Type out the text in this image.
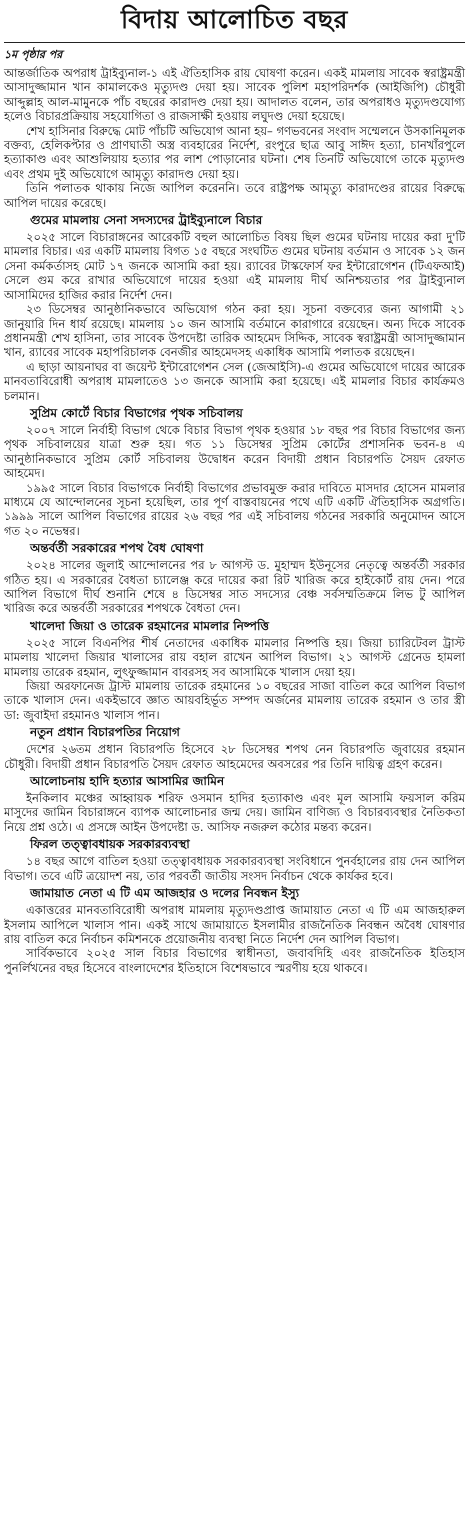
বিদায় আলোচিত বছর
১ম পৃষ্ঠার পর

আন্তর্জাতিক অপরাধ ট্রাইব্যুনাল-১ এই ঐতিহাসিক রায় ঘোষণা করেন। একই মামলায় সাবেক স্বরাষ্ট্রমন্ত্রী আসাদুজ্জামান খান কামালকেও মৃত্যুদণ্ড দেয়া হয়। সাবেক পুলিশ মহাপরিদর্শক (আইজিপি) চৌধুরী আব্দুল্লাহ আল-মামুনকে পাঁচ বছরের কারাদণ্ড দেয়া হয়। আদালত বলেন, তার অপরাধও মৃত্যুদণ্ডযোগ্য হলেও বিচারপ্রক্রিয়ায় সহযোগিতা ও রাজসাক্ষী হওয়ায় লঘুদণ্ড দেয়া হয়েছে।

শেখ হাসিনার বিরুদ্ধে মোট পাঁচটি অভিযোগ আনা হয়– গণভবনের সংবাদ সম্মেলনে উসকানিমূলক বক্তব্য, হেলিকপ্টার ও প্রাণঘাতী অস্ত্র ব্যবহারের নির্দেশ, রংপুরে ছাত্র আবু সাঈদ হত্যা, চানখাঁরপুলে হত্যাকাণ্ড এবং আশুলিয়ায় হত্যার পর লাশ পোড়ানোর ঘটনা। শেষ তিনটি অভিযোগে তাকে মৃত্যুদণ্ড এবং প্রথম দুই অভিযোগে আমৃত্যু কারাদণ্ড দেয়া হয়।

তিনি পলাতক থাকায় নিজে আপিল করেননি। তবে রাষ্ট্রপক্ষ আমৃত্যু কারাদণ্ডের রায়ের বিরুদ্ধে আপিল দায়ের করেছে।

গুমের মামলায় সেনা সদস্যদের ট্রাইব্যুনালে বিচার

২০২৫ সালে বিচারাঙ্গনের আরেকটি বহুল আলোচিত বিষয় ছিল গুমের ঘটনায় দায়ের করা দু'টি মামলার বিচার। এর একটি মামলায় বিগত ১৫ বছরে সংঘটিত গুমের ঘটনায় বর্তমান ও সাবেক ১২ জন সেনা কর্মকর্তাসহ মোট ১৭ জনকে আসামি করা হয়। র‍্যাবের টাস্কফোর্স ফর ইন্টারোগেশন (টিএফআই) সেলে গুম করে রাখার অভিযোগে দায়ের হওয়া এই মামলায় দীর্ঘ অনিশ্চয়তার পর ট্রাইব্যুনাল আসামিদের হাজির করার নির্দেশ দেন।

২৩ ডিসেম্বর আনুষ্ঠানিকভাবে অভিযোগ গঠন করা হয়। সূচনা বক্তব্যের জন্য আগামী ২১ জানুয়ারি দিন ধার্য রয়েছে। মামলায় ১০ জন আসামি বর্তমানে কারাগারে রয়েছেন। অন্য দিকে সাবেক প্রধানমন্ত্রী শেখ হাসিনা, তার সাবেক উপদেষ্টা তারিক আহমেদ সিদ্দিক, সাবেক স্বরাষ্ট্রমন্ত্রী আসাদুজ্জামান খান, র‍্যাবের সাবেক মহাপরিচালক বেনজীর আহমেদসহ একাধিক আসামি পলাতক রয়েছেন।

এ ছাড়া আয়নাঘর বা জয়েন্ট ইন্টারোগেশন সেল (জেআইসি)-এ গুমের অভিযোগে দায়ের আরেক মানবতাবিরোধী অপরাধ মামলাতেও ১৩ জনকে আসামি করা হয়েছে। এই মামলার বিচার কার্যক্রমও চলমান।

সুপ্রিম কোর্টে বিচার বিভাগের পৃথক সচিবালয়

২০০৭ সালে নির্বাহী বিভাগ থেকে বিচার বিভাগ পৃথক হওয়ার ১৮ বছর পর বিচার বিভাগের জন্য পৃথক সচিবালয়ের যাত্রা শুরু হয়। গত ১১ ডিসেম্বর সুপ্রিম কোর্টের প্রশাসনিক ভবন-৪ এ আনুষ্ঠানিকভাবে সুপ্রিম কোর্ট সচিবালয় উদ্বোধন করেন বিদায়ী প্রধান বিচারপতি সৈয়দ রেফাত আহমেদ।

১৯৯৫ সালে বিচার বিভাগকে নির্বাহী বিভাগের প্রভাবমুক্ত করার দাবিতে মাসদার হোসেন মামলার মাধ্যমে যে আন্দোলনের সূচনা হয়েছিল, তার পূর্ণ বাস্তবায়নের পথে এটি একটি ঐতিহাসিক অগ্রগতি। ১৯৯৯ সালে আপিল বিভাগের রায়ের ২৬ বছর পর এই সচিবালয় গঠনের সরকারি অনুমোদন আসে গত ২০ নভেম্বর।

অন্তর্বর্তী সরকারের শপথ বৈধ ঘোষণা

২০২৪ সালের জুলাই আন্দোলনের পর ৮ আগস্ট ড. মুহাম্মদ ইউনূসের নেতৃত্বে অন্তর্বর্তী সরকার গঠিত হয়। এ সরকারের বৈধতা চ্যালেঞ্জ করে দায়ের করা রিট খারিজ করে হাইকোর্ট রায় দেন। পরে আপিল বিভাগে দীর্ঘ শুনানি শেষে ৪ ডিসেম্বর সাত সদস্যের বেঞ্চ সর্বসম্মতিক্রমে লিভ টু আপিল খারিজ করে অন্তর্বর্তী সরকারের শপথকে বৈধতা দেন।

খালেদা জিয়া ও তারেক রহমানের মামলার নিষ্পত্তি

২০২৫ সালে বিএনপির শীর্ষ নেতাদের একাধিক মামলার নিষ্পত্তি হয়। জিয়া চ্যারিটেবল ট্রাস্ট মামলায় খালেদা জিয়ার খালাসের রায় বহাল রাখেন আপিল বিভাগ। ২১ আগস্ট গ্রেনেড হামলা মামলায় তারেক রহমান, লুৎফুজ্জামান বাবরসহ সব আসামিকে খালাস দেয়া হয়।

জিয়া অরফানেজ ট্রাস্ট মামলায় তারেক রহমানের ১০ বছরের সাজা বাতিল করে আপিল বিভাগ তাকে খালাস দেন। একইভাবে জ্ঞাত আয়বহির্ভূত সম্পদ অর্জনের মামলায় তারেক রহমান ও তার স্ত্রী ডা: জুবাইদা রহমানও খালাস পান।

নতুন প্রধান বিচারপতির নিয়োগ

দেশের ২৬তম প্রধান বিচারপতি হিসেবে ২৮ ডিসেম্বর শপথ নেন বিচারপতি জুবায়ের রহমান চৌধুরী। বিদায়ী প্রধান বিচারপতি সৈয়দ রেফাত আহমেদের অবসরের পর তিনি দায়িত্ব গ্রহণ করেন।

আলোচনায় হাদি হত্যার আসামির জামিন

ইনকিলাব মঞ্চের আহ্বায়ক শরিফ ওসমান হাদির হত্যাকাণ্ড এবং মূল আসামি ফয়সাল করিম মাসুদের জামিন বিচারাঙ্গনে ব্যাপক আলোচনার জন্ম দেয়। জামিন বাণিজ্য ও বিচারব্যবস্থার নৈতিকতা নিয়ে প্রশ্ন ওঠে। এ প্রসঙ্গে আইন উপদেষ্টা ড. আসিফ নজরুল কঠোর মন্তব্য করেন।

ফিরল তত্ত্বাবধায়ক সরকারব্যবস্থা

১৪ বছর আগে বাতিল হওয়া তত্ত্বাবধায়ক সরকারব্যবস্থা সংবিধানে পুনর্বহালের রায় দেন আপিল বিভাগ। তবে এটি ত্রয়োদশ নয়, তার পরবর্তী জাতীয় সংসদ নির্বাচন থেকে কার্যকর হবে।

জামায়াত নেতা এ টি এম আজহার ও দলের নিবন্ধন ইস্যু

একাত্তরের মানবতাবিরোধী অপরাধ মামলায় মৃত্যুদণ্ডপ্রাপ্ত জামায়াত নেতা এ টি এম আজহারুল ইসলাম আপিলে খালাস পান। একই সাথে জামায়াতে ইসলামীর রাজনৈতিক নিবন্ধন অবৈধ ঘোষণার রায় বাতিল করে নির্বাচন কমিশনকে প্রয়োজনীয় ব্যবস্থা নিতে নির্দেশ দেন আপিল বিভাগ।

সার্বিকভাবে ২০২৫ সাল বিচার বিভাগের স্বাধীনতা, জবাবদিহি এবং রাজনৈতিক ইতিহাস পুনর্লিখনের বছর হিসেবে বাংলাদেশের ইতিহাসে বিশেষভাবে স্মরণীয় হয়ে থাকবে।
